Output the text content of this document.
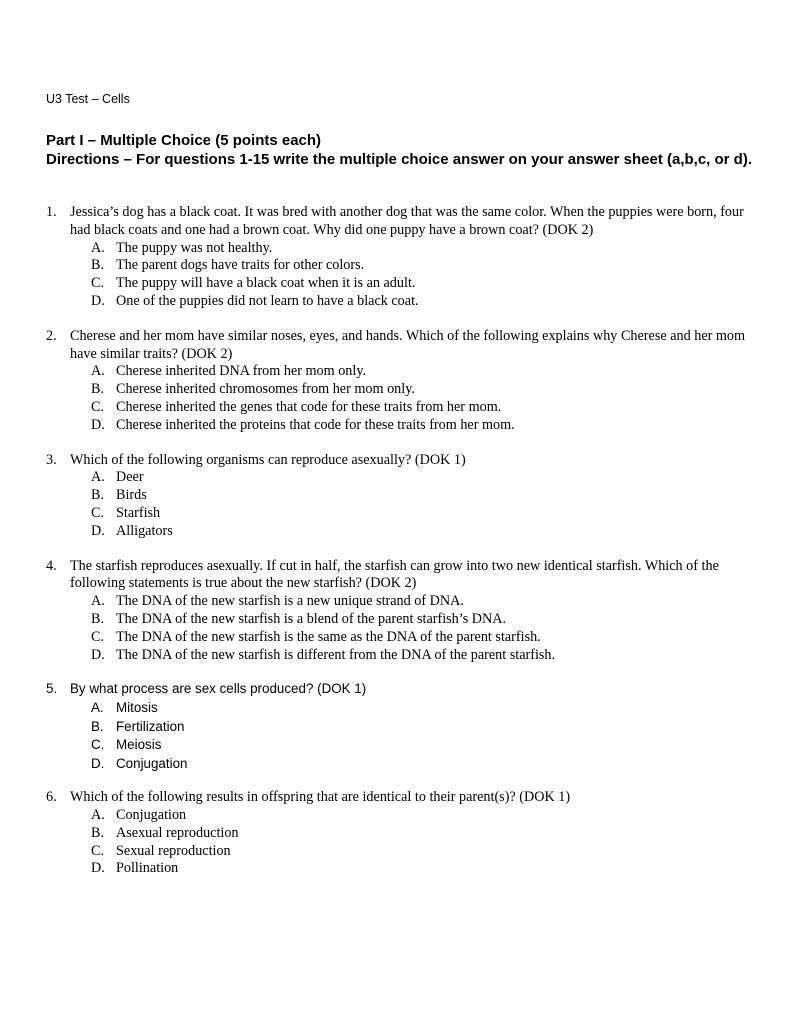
U3 Test – Cells
Part I – Multiple Choice (5 points each)
Directions – For questions 1-15 write the multiple choice answer on your answer sheet (a,b,c, or d).
1. Jessica’s dog has a black coat. It was bred with another dog that was the same color. When the puppies were born, four had black coats and one had a brown coat. Why did one puppy have a brown coat? (DOK 2)
A. The puppy was not healthy.
B. The parent dogs have traits for other colors.
C. The puppy will have a black coat when it is an adult.
D. One of the puppies did not learn to have a black coat.
2. Cherese and her mom have similar noses, eyes, and hands. Which of the following explains why Cherese and her mom have similar traits? (DOK 2)
A. Cherese inherited DNA from her mom only.
B. Cherese inherited chromosomes from her mom only.
C. Cherese inherited the genes that code for these traits from her mom.
D. Cherese inherited the proteins that code for these traits from her mom.
3. Which of the following organisms can reproduce asexually? (DOK 1)
A. Deer
B. Birds
C. Starfish
D. Alligators
4. The starfish reproduces asexually. If cut in half, the starfish can grow into two new identical starfish. Which of the following statements is true about the new starfish? (DOK 2)
A. The DNA of the new starfish is a new unique strand of DNA.
B. The DNA of the new starfish is a blend of the parent starfish’s DNA.
C. The DNA of the new starfish is the same as the DNA of the parent starfish.
D. The DNA of the new starfish is different from the DNA of the parent starfish.
5. By what process are sex cells produced? (DOK 1)
A. Mitosis
B. Fertilization
C. Meiosis
D. Conjugation
6. Which of the following results in offspring that are identical to their parent(s)? (DOK 1)
A. Conjugation
B. Asexual reproduction
C. Sexual reproduction
D. Pollination
